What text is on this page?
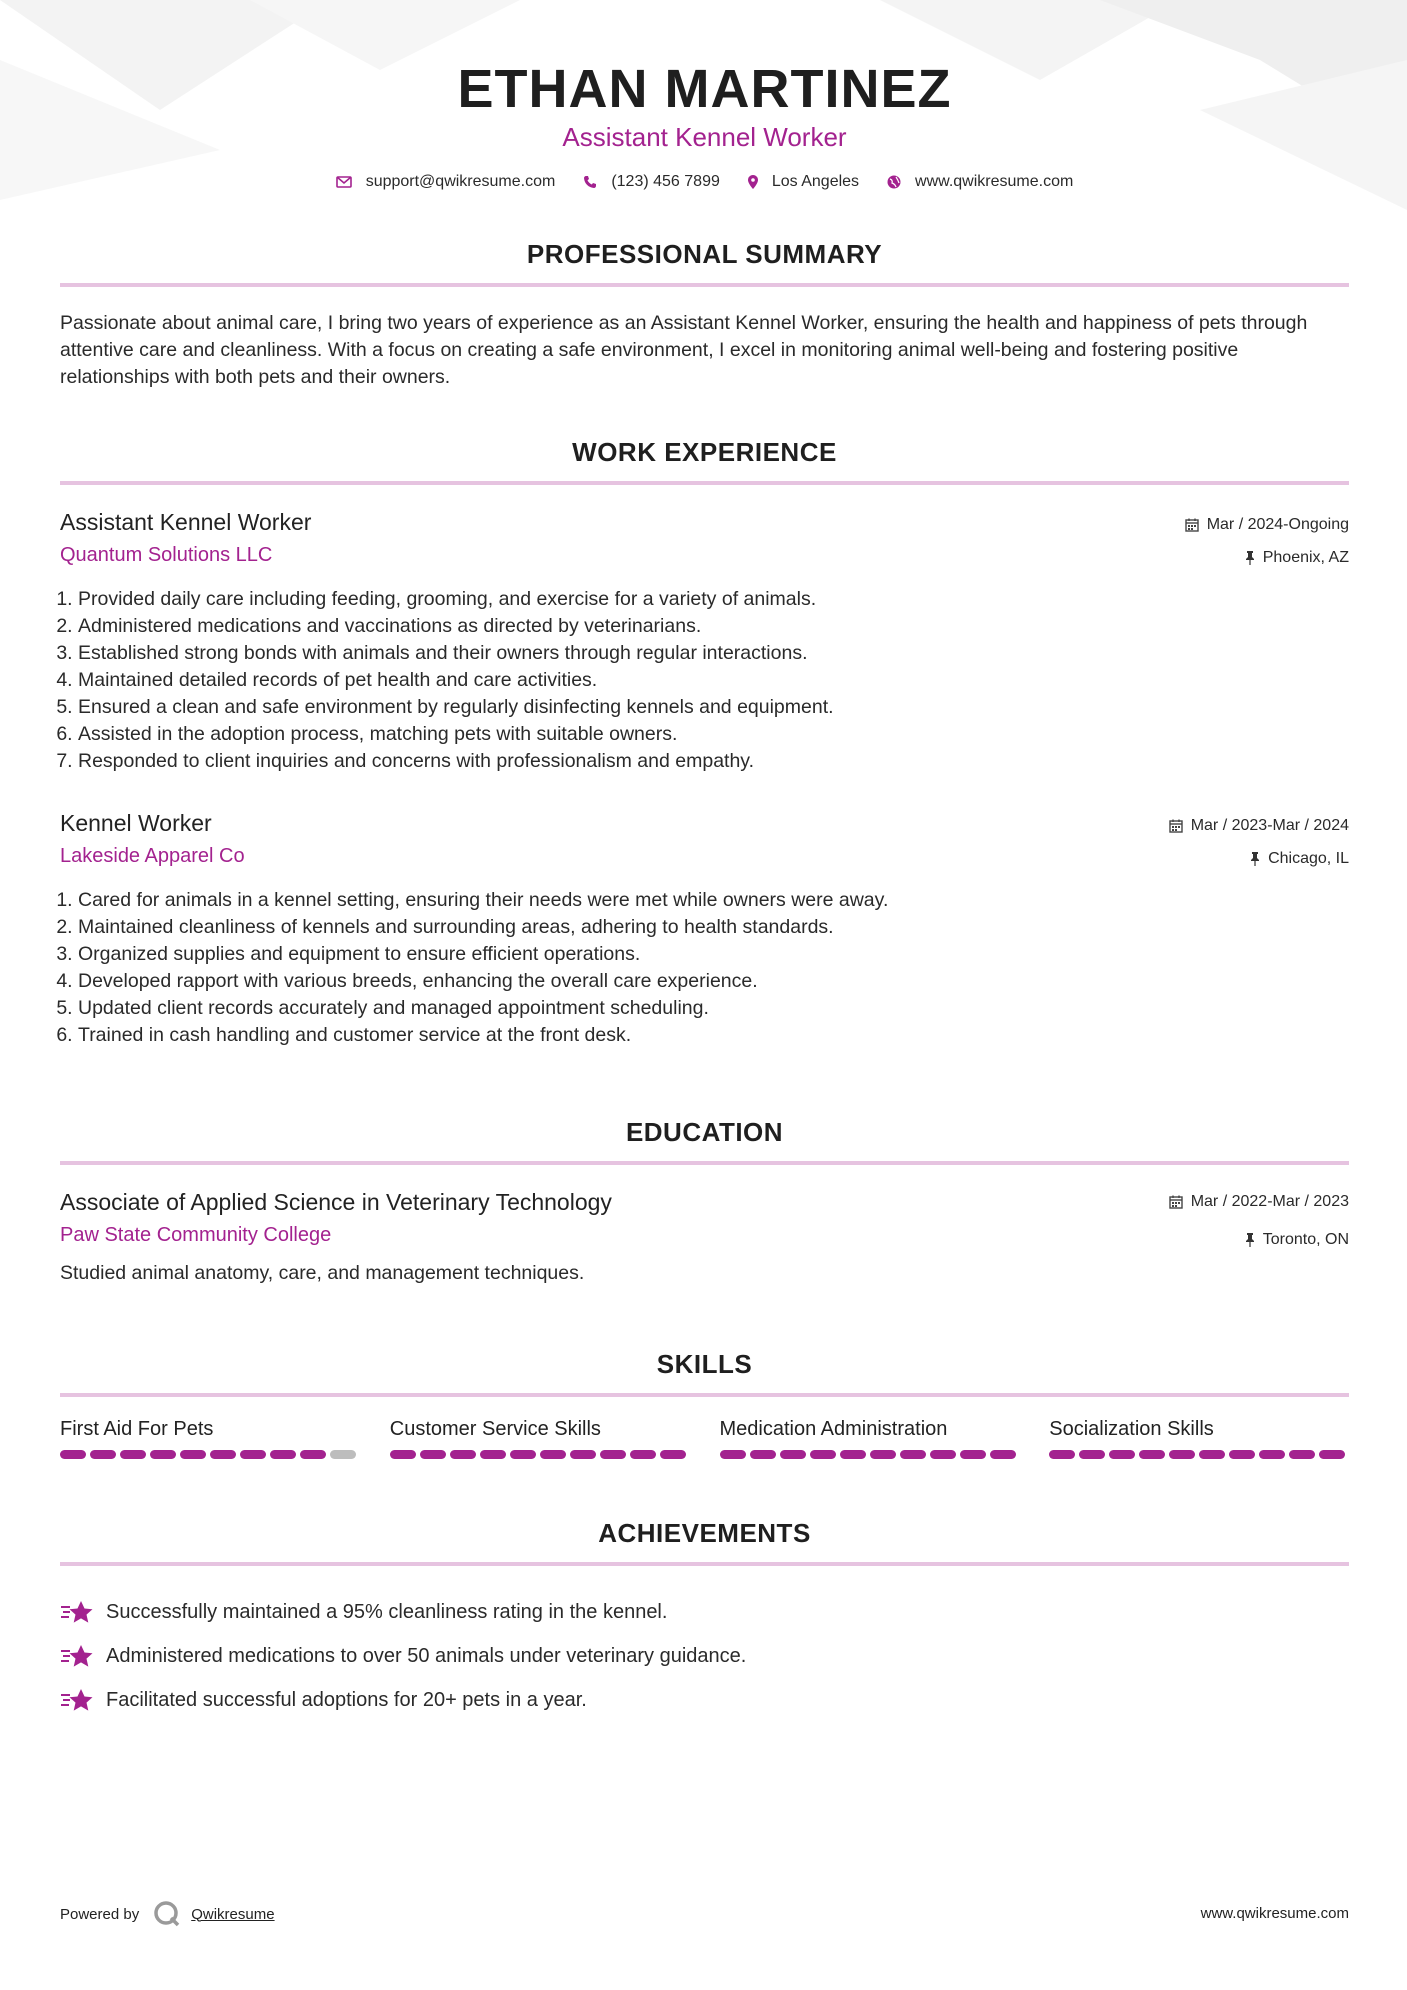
ETHAN MARTINEZ
Assistant Kennel Worker
support@qwikresume.com	(123) 456 7899	Los Angeles	www.qwikresume.com
PROFESSIONAL SUMMARY
Passionate about animal care, I bring two years of experience as an Assistant Kennel Worker, ensuring the health and happiness of pets through attentive care and cleanliness. With a focus on creating a safe environment, I excel in monitoring animal well-being and fostering positive relationships with both pets and their owners.
WORK EXPERIENCE
Assistant Kennel Worker
Quantum Solutions LLC
Mar / 2024-Ongoing
Phoenix, AZ
1. Provided daily care including feeding, grooming, and exercise for a variety of animals.
2. Administered medications and vaccinations as directed by veterinarians.
3. Established strong bonds with animals and their owners through regular interactions.
4. Maintained detailed records of pet health and care activities.
5. Ensured a clean and safe environment by regularly disinfecting kennels and equipment.
6. Assisted in the adoption process, matching pets with suitable owners.
7. Responded to client inquiries and concerns with professionalism and empathy.
Kennel Worker
Lakeside Apparel Co
Mar / 2023-Mar / 2024
Chicago, IL
1. Cared for animals in a kennel setting, ensuring their needs were met while owners were away.
2. Maintained cleanliness of kennels and surrounding areas, adhering to health standards.
3. Organized supplies and equipment to ensure efficient operations.
4. Developed rapport with various breeds, enhancing the overall care experience.
5. Updated client records accurately and managed appointment scheduling.
6. Trained in cash handling and customer service at the front desk.
EDUCATION
Associate of Applied Science in Veterinary Technology
Paw State Community College
Mar / 2022-Mar / 2023
Toronto, ON
Studied animal anatomy, care, and management techniques.
SKILLS
First Aid For Pets	Customer Service Skills	Medication Administration	Socialization Skills
ACHIEVEMENTS
Successfully maintained a 95% cleanliness rating in the kennel.
Administered medications to over 50 animals under veterinary guidance.
Facilitated successful adoptions for 20+ pets in a year.
Powered by	Qwikresume	www.qwikresume.com
